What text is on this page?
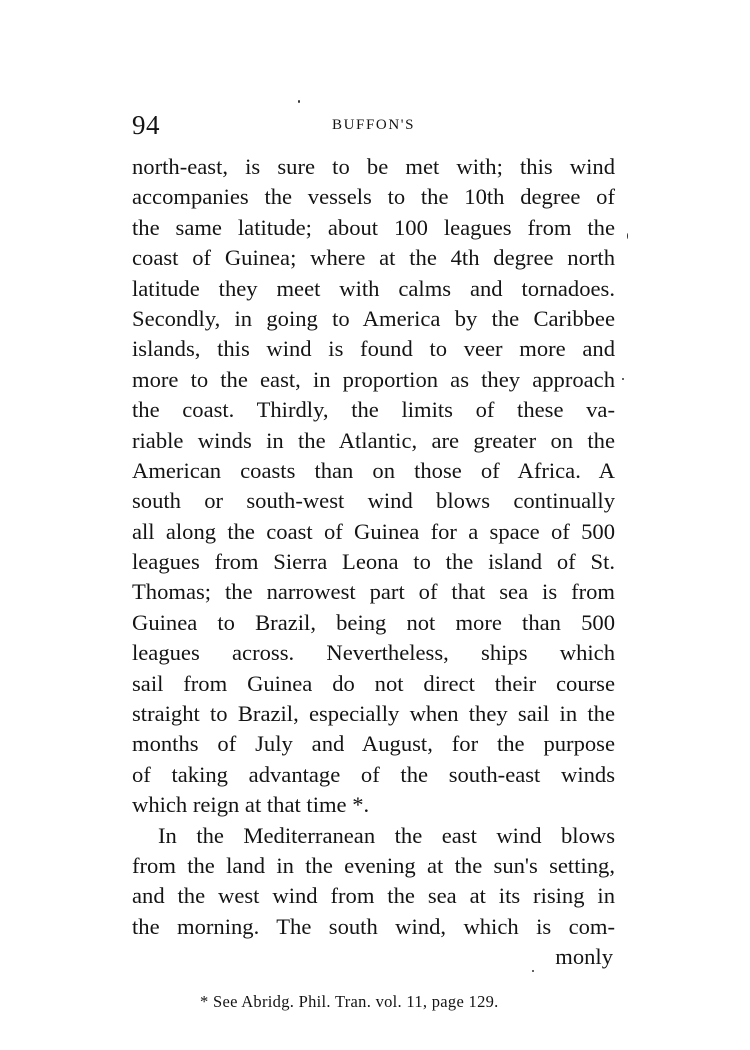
94	BUFFON'S
north-east, is sure to be met with; this wind
accompanies the vessels to the 10th degree of
the same latitude; about 100 leagues from the
coast of Guinea; where at the 4th degree north
latitude they meet with calms and tornadoes.
Secondly, in going to America by the Caribbee
islands, this wind is found to veer more and
more to the east, in proportion as they approach
the coast. Thirdly, the limits of these va-
riable winds in the Atlantic, are greater on the
American coasts than on those of Africa. A
south or south-west wind blows continually
all along the coast of Guinea for a space of 500
leagues from Sierra Leona to the island of St.
Thomas; the narrowest part of that sea is from
Guinea to Brazil, being not more than 500
leagues across. Nevertheless, ships which
sail from Guinea do not direct their course
straight to Brazil, especially when they sail in the
months of July and August, for the purpose
of taking advantage of the south-east winds
which reign at that time *.
In the Mediterranean the east wind blows
from the land in the evening at the sun's setting,
and the west wind from the sea at its rising in
the morning. The south wind, which is com-
monly
* See Abridg. Phil. Tran. vol. 11, page 129.
